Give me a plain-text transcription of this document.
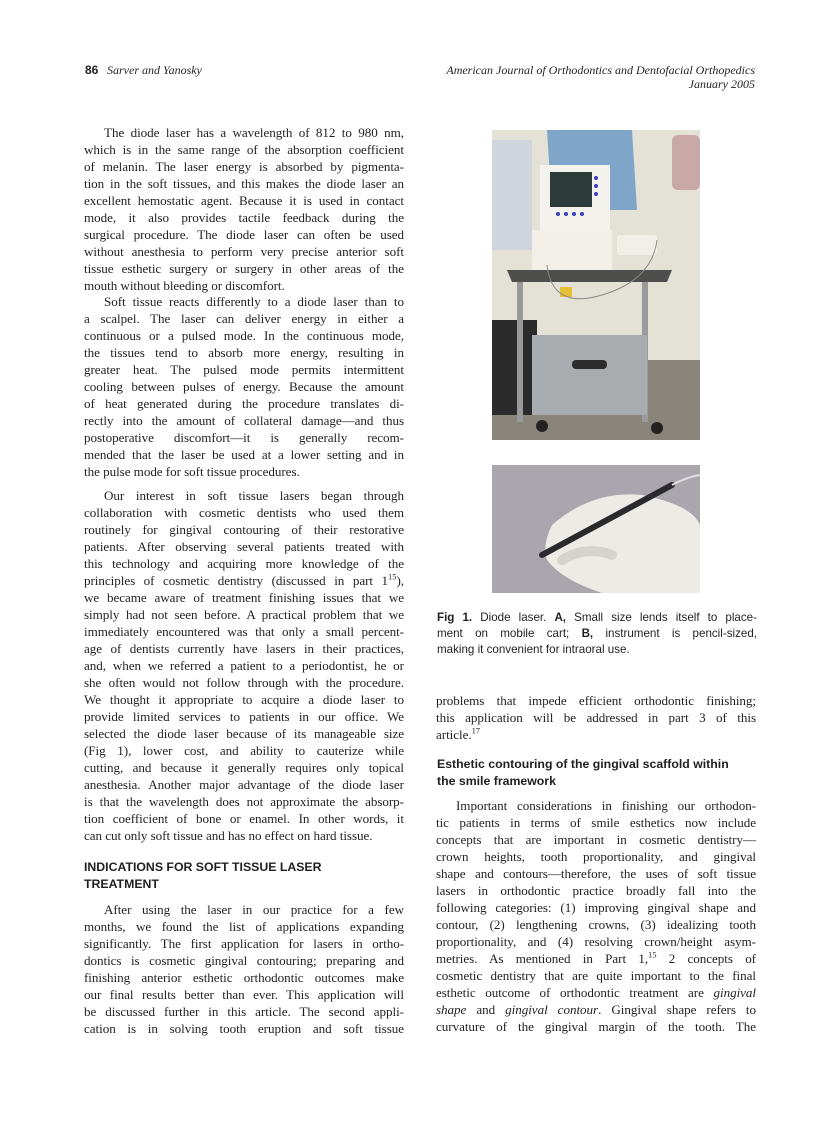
86 Sarver and Yanosky	American Journal of Orthodontics and Dentofacial Orthopedics
January 2005
The diode laser has a wavelength of 812 to 980 nm,
which is in the same range of the absorption coefficient
of melanin. The laser energy is absorbed by pigmenta-
tion in the soft tissues, and this makes the diode laser an
excellent hemostatic agent. Because it is used in contact
mode, it also provides tactile feedback during the
surgical procedure. The diode laser can often be used
without anesthesia to perform very precise anterior soft
tissue esthetic surgery or surgery in other areas of the
mouth without bleeding or discomfort.
Soft tissue reacts differently to a diode laser than to
a scalpel. The laser can deliver energy in either a
continuous or a pulsed mode. In the continuous mode,
the tissues tend to absorb more energy, resulting in
greater heat. The pulsed mode permits intermittent
cooling between pulses of energy. Because the amount
of heat generated during the procedure translates di-
rectly into the amount of collateral damage—and thus
postoperative discomfort—it is generally recom-
mended that the laser be used at a lower setting and in
the pulse mode for soft tissue procedures.
Our interest in soft tissue lasers began through
collaboration with cosmetic dentists who used them
routinely for gingival contouring of their restorative
patients. After observing several patients treated with
this technology and acquiring more knowledge of the
principles of cosmetic dentistry (discussed in part $1^{15}$),
we became aware of treatment finishing issues that we
simply had not seen before. A practical problem that we
immediately encountered was that only a small percent-
age of dentists currently have lasers in their practices,
and, when we referred a patient to a periodontist, he or
she often would not follow through with the procedure.
We thought it appropriate to acquire a diode laser to
provide limited services to patients in our office. We
selected the diode laser because of its manageable size
(Fig 1), lower cost, and ability to cauterize while
cutting, and because it generally requires only topical
anesthesia. Another major advantage of the diode laser
is that the wavelength does not approximate the absorp-
tion coefficient of bone or enamel. In other words, it
can cut only soft tissue and has no effect on hard tissue.
INDICATIONS FOR SOFT TISSUE LASER
TREATMENT
After using the laser in our practice for a few
months, we found the list of applications expanding
significantly. The first application for lasers in ortho-
dontics is cosmetic gingival contouring; preparing and
finishing anterior esthetic orthodontic outcomes make
our final results better than ever. This application will
be discussed further in this article. The second appli-
cation is in solving tooth eruption and soft tissue
Fig 1. Diode laser. A, Small size lends itself to place-
ment on mobile cart; B, instrument is pencil-sized,
making it convenient for intraoral use.
problems that impede efficient orthodontic finishing;
this application will be addressed in part 3 of this
article.$^{17}$
Esthetic contouring of the gingival scaffold within
the smile framework
Important considerations in finishing our orthodon-
tic patients in terms of smile esthetics now include
concepts that are important in cosmetic dentistry—
crown heights, tooth proportionality, and gingival
shape and contours—therefore, the uses of soft tissue
lasers in orthodontic practice broadly fall into the
following categories: (1) improving gingival shape and
contour, (2) lengthening crowns, (3) idealizing tooth
proportionality, and (4) resolving crown/height asym-
metries. As mentioned in Part 1,15 2 concepts of
cosmetic dentistry that are quite important to the final
esthetic outcome of orthodontic treatment are gingival
shape and gingival contour. Gingival shape refers to
curvature of the gingival margin of the tooth. The
